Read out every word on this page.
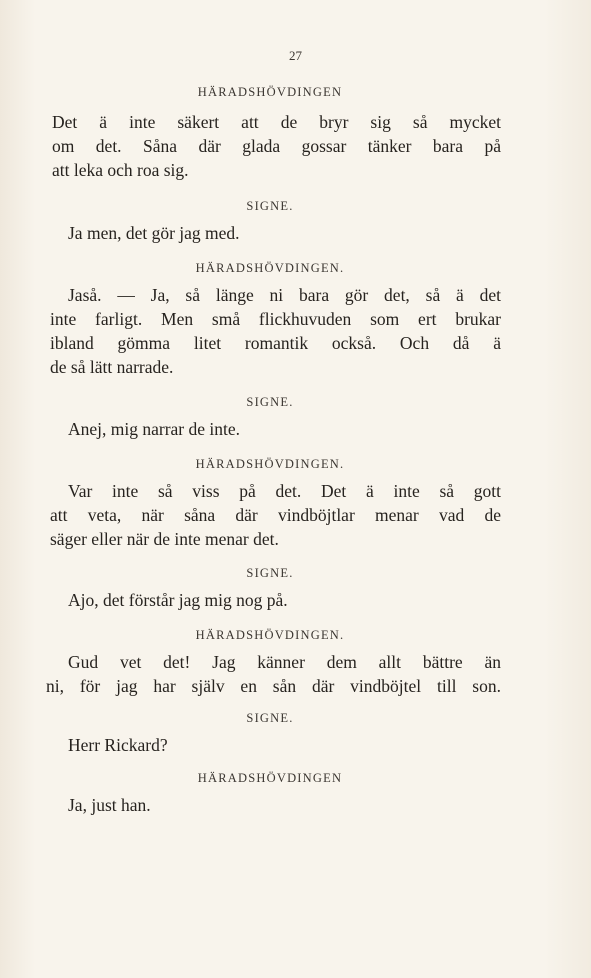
27
HÄRADSHÖVDINGEN
Det ä inte säkert att de bryr sig så mycket
om det. Såna där glada gossar tänker bara på
att leka och roa sig.
SIGNE.
Ja men, det gör jag med.
HÄRADSHÖVDINGEN.
Jaså. — Ja, så länge ni bara gör det, så ä det
inte farligt. Men små flickhuvuden som ert brukar
ibland gömma litet romantik också. Och då ä
de så lätt narrade.
SIGNE.
Anej, mig narrar de inte.
HÄRADSHÖVDINGEN.
Var inte så viss på det. Det ä inte så gott
att veta, när såna där vindböjtlar menar vad de
säger eller när de inte menar det.
SIGNE.
Ajo, det förstår jag mig nog på.
HÄRADSHÖVDINGEN.
Gud vet det! Jag känner dem allt bättre än
ni, för jag har själv en sån där vindböjtel till son.
SIGNE.
Herr Rickard?
HÄRADSHÖVDINGEN
Ja, just han.
